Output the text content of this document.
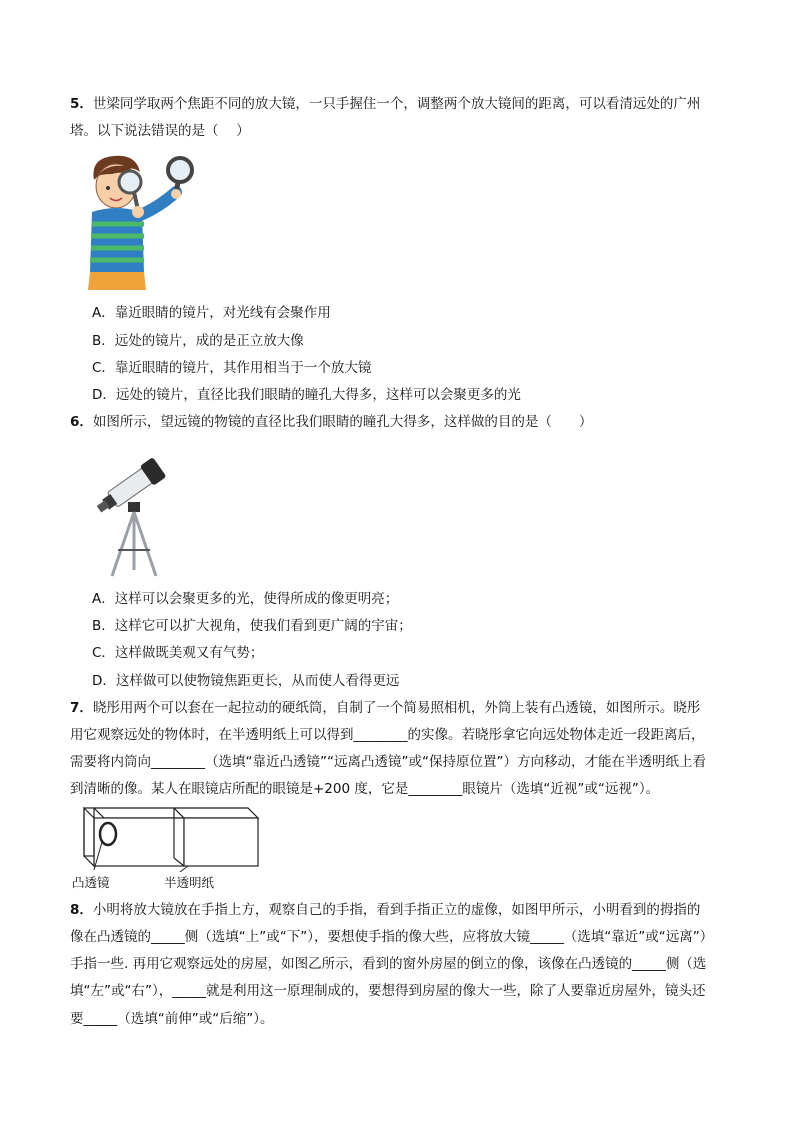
5．世梁同学取两个焦距不同的放大镜，一只手握住一个，调整两个放大镜间的距离，可以看清远处的广州
塔。以下说法错误的是（　 ）
A．靠近眼睛的镜片，对光线有会聚作用
B．远处的镜片，成的是正立放大像
C．靠近眼睛的镜片，其作用相当于一个放大镜
D．远处的镜片，直径比我们眼睛的瞳孔大得多，这样可以会聚更多的光
6．如图所示，望远镜的物镜的直径比我们眼睛的瞳孔大得多，这样做的目的是（　　）
A．这样可以会聚更多的光，使得所成的像更明亮；
B．这样它可以扩大视角，使我们看到更广阔的宇宙；
C．这样做既美观又有气势；
D．这样做可以使物镜焦距更长，从而使人看得更远
7．晓彤用两个可以套在一起拉动的硬纸筒，自制了一个简易照相机，外筒上装有凸透镜，如图所示。晓彤
用它观察远处的物体时，在半透明纸上可以得到________的实像。若晓彤拿它向远处物体走近一段距离后，
需要将内筒向________（选填“靠近凸透镜”“远离凸透镜”或“保持原位置”）方向移动，才能在半透明纸上看
到清晰的像。某人在眼镜店所配的眼镜是+200 度，它是________眼镜片（选填“近视”或“远视”）。
凸透镜	半透明纸
8．小明将放大镜放在手指上方，观察自己的手指，看到手指正立的虚像，如图甲所示，小明看到的拇指的
像在凸透镜的_____侧（选填“上”或“下”），要想使手指的像大些，应将放大镜_____（选填“靠近”或“远离”）
手指一些. 再用它观察远处的房屋，如图乙所示，看到的窗外房屋的倒立的像，该像在凸透镜的_____侧（选
填“左”或“右”），_____就是利用这一原理制成的，要想得到房屋的像大一些，除了人要靠近房屋外，镜头还
要_____（选填“前伸”或“后缩”）。
